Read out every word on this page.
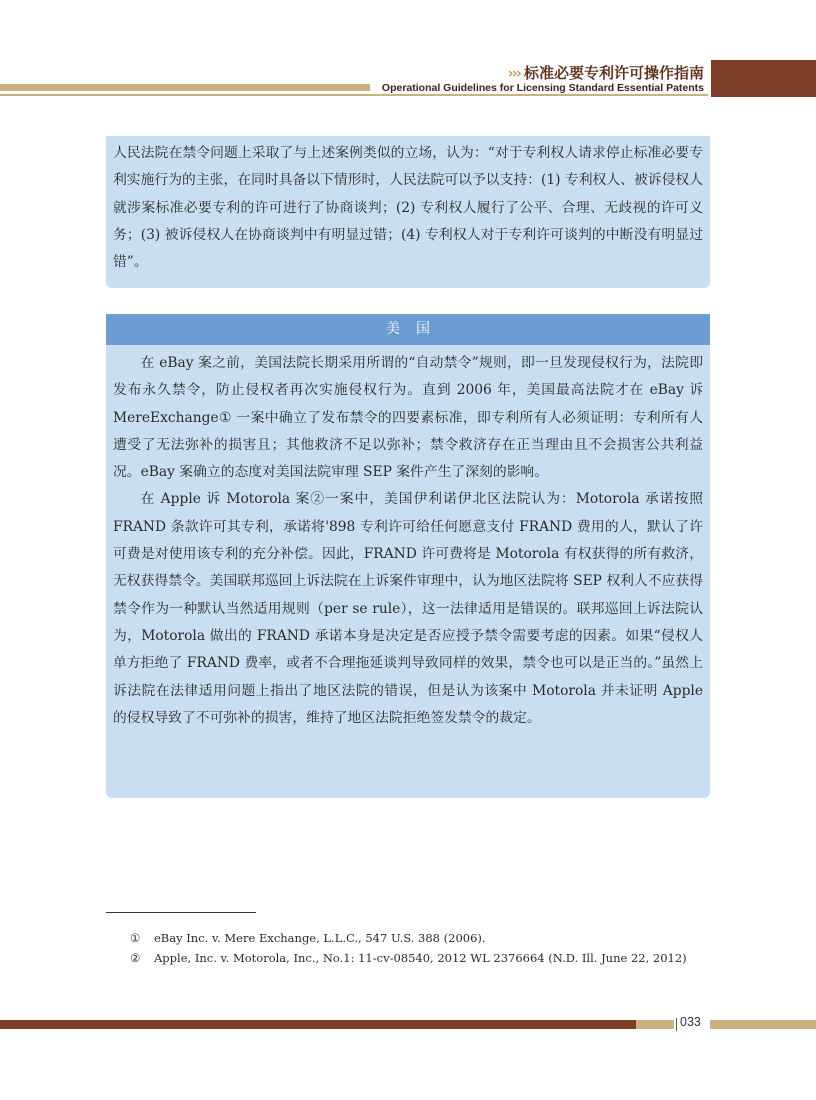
››› 标准必要专利许可操作指南
Operational Guidelines for Licensing Standard Essential Patents

人民法院在禁令问题上采取了与上述案例类似的立场，认为：“对于专利权人请求停止标准必要专利实施行为的主张，在同时具备以下情形时，人民法院可以予以支持：(1) 专利权人、被诉侵权人就涉案标准必要专利的许可进行了协商谈判；(2) 专利权人履行了公平、合理、无歧视的许可义务；(3) 被诉侵权人在协商谈判中有明显过错；(4) 专利权人对于专利许可谈判的中断没有明显过错”。

美国

在 eBay 案之前，美国法院长期采用所谓的“自动禁令”规则，即一旦发现侵权行为，法院即发布永久禁令，防止侵权者再次实施侵权行为。直到 2006 年，美国最高法院才在 eBay 诉 MereExchange① 一案中确立了发布禁令的四要素标准，即专利所有人必须证明：专利所有人遭受了无法弥补的损害且；其他救济不足以弥补；禁令救济存在正当理由且不会损害公共利益况。eBay 案确立的态度对美国法院审理 SEP 案件产生了深刻的影响。

在 Apple 诉 Motorola 案②一案中，美国伊利诺伊北区法院认为：Motorola 承诺按照 FRAND 条款许可其专利，承诺将'898 专利许可给任何愿意支付 FRAND 费用的人，默认了许可费是对使用该专利的充分补偿。因此，FRAND 许可费将是 Motorola 有权获得的所有救济，无权获得禁令。美国联邦巡回上诉法院在上诉案件审理中，认为地区法院将 SEP 权利人不应获得禁令作为一种默认当然适用规则（per se rule），这一法律适用是错误的。联邦巡回上诉法院认为，Motorola 做出的 FRAND 承诺本身是决定是否应授予禁令需要考虑的因素。如果“侵权人单方拒绝了 FRAND 费率，或者不合理拖延谈判导致同样的效果，禁令也可以是正当的。”虽然上诉法院在法律适用问题上指出了地区法院的错误，但是认为该案中 Motorola 并未证明 Apple 的侵权导致了不可弥补的损害，维持了地区法院拒绝签发禁令的裁定。

① eBay Inc. v. Mere Exchange, L.L.C., 547 U.S. 388 (2006).
② Apple, Inc. v. Motorola, Inc., No.1: 11-cv-08540, 2012 WL 2376664 (N.D. Ill. June 22, 2012)
033
